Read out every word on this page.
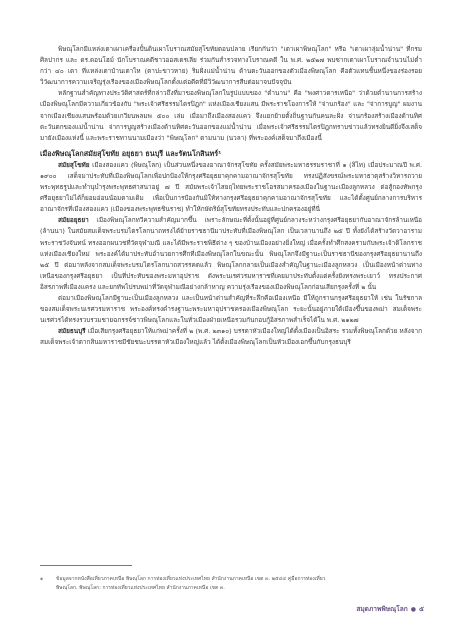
พิษณุโลกมีแหล่งเตาเผาเครื่องปั้นดินเผาโบราณสมัยสุโขทัยตอนปลาย เรียกกันว่า "เตาเผาพิษณุโลก" หรือ "เตาเผาลุ่มน้ำน่าน" ที่กรมศิลปากร และ ดร.ดอนโฮม์ นักโบราณคดีชาวออสเตรเลีย ร่วมกันสำรวจทางโบราณคดี ใน พ.ศ. ๒๕๒๗ พบซากเตาเผาโบราณจำนวนไม่ต่ำกว่า ๔๐ เตา ที่แหล่งเตาบ้านเตาไห (ตาปะขาวหาย) ริมฝั่งแม่น้ำน่าน ด้านตะวันออกของตัวเมืองพิษณุโลก คือตัวแทนชิ้นหนึ่งของร่องรอยวิวัฒนาการความเจริญรุ่งเรืองของเมืองพิษณุโลกตั้งแต่อดีตที่มีวิวัฒนาการสืบต่อมาจนปัจจุบัน

หลักฐานสำคัญทางประวัติศาสตร์ที่กล่าวถึงที่มาของพิษณุโลกในรูปแบบของ "ตำนาน" คือ "พงศาวดารเหนือ" ว่าด้วยตำนานการสร้างเมืองพิษณุโลกมีความเกี่ยวข้องกับ "พระเจ้าศรีธรรมไตรปิฎก" แห่งเมืองเชียงแสน มีพระราชโองการให้ "จ่านกร้อง" และ "จ่าการบูญ" ผมงานจากเมืองเชียงแสนพร้อมด้วยเกวียนพลมพ ๕๐๐ เล่ม เมื่อมาถึงเมืองสองแคว จึงแยกย้ายตั้งถิ่นฐานกันคนละฝั่ง จ่านกร้องสร้างเมืองด้านทิศตะวันตกของแม่น้ำน่าน จ่าการบูญสร้างเมืองด้านทิศตะวันออกของแม่น้ำน่าน เมื่อพระเจ้าศรีธรรมไตรปิฎกทราบข่าวแล้วทรงยินดียิ่งจึงเสด็จมายังเมืองแห่งนี้ และพระราชทานนามเมืองว่า "พิษณุโลก" ตามนาม (นวลา) ที่พระองค์เสด็จมาถึงเมืองนี้

เมืองพิษณุโลกสมัยสุโขทัย อยุธยา ธนบุรี และรัตนโกสินทร์¹

สมัยสุโขทัย เมืองสองแคว (พิษณุโลก) เป็นส่วนหนึ่งของอาณาจักรสุโขทัย ครั้งสมัยพระมหาธรรมราชาที่ ๑ (ลิไท) เมื่อประมาณปี พ.ศ. ๑๙๐๐ เสด็จมาประทับที่เมืองพิษณุโลกเพื่อปกป้องให้กรุงศรีอยุธยาคุกคามอาณาจักรสุโขทัย ทรงปฏิสังขรณ์พระมหาธาตุสร้างวิหารถวายพระพุทธรูปและทำนุบำรุงพระพุทธศาสนาอยู่ ๗ ปี สมัยพระเจ้าไสยฤไทยพระราชโอรสมาครองเมืองในฐานะเมืองลูกหลวง ต่อสู้กองทัพกรุงศรีอยุธยาไม่ได้ก็ยอมอ่อนน้อมตามเดิม เพื่อเป็นการป้องกันมิให้ทางกรุงศรีอยุธยาคุกคามอาณาจักรสุโขทัย และได้ตั้งศูนย์กลางการบริหารอาณาจักรที่เมืองสองแคว (เมืองของพระพุทธชินราช) ทำให้กษัตริย์สุโขทัยทรงประทับและปกครองอยู่ที่นี่

สมัยอยุธยา เมืองพิษณุโลกทวีความสำคัญมากขึ้น เพราะลักษณะที่ตั้งนั้นอยู่ที่ศูนย์กลางระหว่างกรุงศรีอยุธยากับอาณาจักรล้านเหนือ (ล้านนา) ในสมัยสมเด็จพระบรมไตรโลกนาถทรงได้ย้ายราชธานีมาประทับที่เมืองพิษณุโลก เป็นเวลานานถึง ๒๕ ปี ทั้งยังได้สร้างวัดวาอารามพระราชวังจันทน์ ทรงออกผนวชที่วัดจุฬามณี และได้มีพระราชพิธีต่าง ๆ ของบ้านเมืองอย่างยิ่งใหญ่ เมื่อครั้งทำศึกสงครามกับพระเจ้าติโลกราชแห่งเมืองเชียงใหม่ พระองค์ได้มาประทับอำนวยการศึกที่เมืองพิษณุโลกในขณะนั้น พิษณุโลกจึงมีฐานะเป็นราชธานีของกรุงศรีอยุธยานานถึง ๒๕ ปี ต่อมาหลังจากสมเด็จพระบรมไตรโลกนาถสวรรคตแล้ว พิษณุโลกกลายเป็นเมืองสำคัญในฐานะเมืองลูกหลวง เป็นเมืองหน้าด่านทางเหนือของกรุงศรีอยุธยา เป็นที่ประทับของพระมหาอุปราช ดังพระนเรศวรมหาราชที่เคยมาประทับตั้งแต่ครั้งยังทรงพระเยาว์ ทรงประกาศอิสรภาพที่เมืองแครง และยกทัพไปรบพม่าที่วัดจุฬามณีอย่างกล้าหาญ ความรุ่งเรืองของเมืองพิษณุโลกก่อนเสียกรุงครั้งที่ ๒ นั้น

ต่อมาเมืองพิษณุโลกมีฐานะเป็นเมืองลูกหลวง และเป็นหน้าด่านสำคัญที่ระลึกคือเมืองเหนือ มีให้ถูกรานกรุงศรีอยุธยาให้ เช่น ในรัชกาลของสมเด็จพระนเรศวรมหาราช พระองค์ทรงดำรงฐานะพระมหาอุปราชครองเมืองพิษณุโลก ระยะนั้นอยู่ภายใต้เมืองขึ้นของพม่า สมเด็จพระนเรศวรได้ทรงรวบรวมชายฉกรรจ์ชาวพิษณุโลกและในทั่วเมืองฝ่ายเหนือรวมกันกอบกู้อิสรภาพสำเร็จได้ใน พ.ศ. ๒๑๒๗

สมัยธนบุรี เมื่อเสียกรุงศรีอยุธยาให้แก่พม่าครั้งที่ ๒ (พ.ศ. ๒๓๑๐) บรรดาหัวเมืองใหญ่ได้ตั้งเมืองเป็นอิสระ รวมทั้งพิษณุโลกด้วย หลังจากสมเด็จพระเจ้าตากสินมหาราชมีชัยชนะบรรดาหัวเมืองใหญ่แล้ว ได้ตั้งเมืองพิษณุโลกเป็นหัวเมืองเอกขึ้นกับกรุงธนบุรี

๑	ข้อมูลจากหนังสือเที่ยวภาคเหนือ พิษณุโลก การท่องเที่ยวแห่งประเทศไทย สำนักงานภาคเหนือ เขต ๓. ๒๕๔๔ คู่มือการท่องเที่ยว
พิษณุโลก. พิษณุโลก: การท่องเที่ยวแห่งประเทศไทย สำนักงานภาคเหนือ เขต ๓.
สมุดภาพพิษณุโลก ● ๕
